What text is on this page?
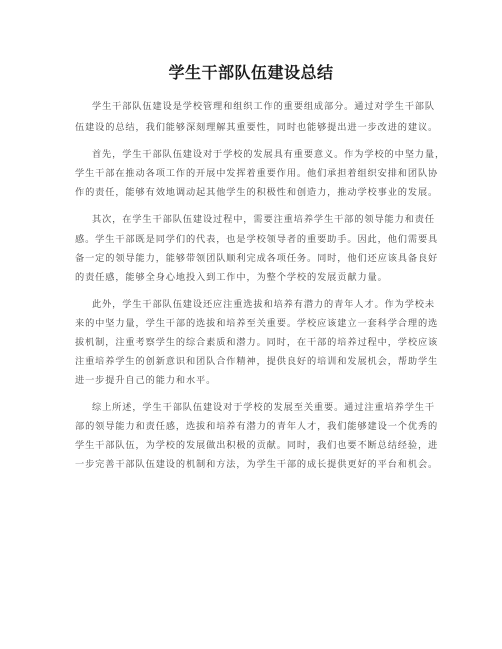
学生干部队伍建设总结
学生干部队伍建设是学校管理和组织工作的重要组成部分。通过对学生干部队
伍建设的总结，我们能够深刻理解其重要性，同时也能够提出进一步改进的建议。
首先，学生干部队伍建设对于学校的发展具有重要意义。作为学校的中坚力量，
学生干部在推动各项工作的开展中发挥着重要作用。他们承担着组织安排和团队协
作的责任，能够有效地调动起其他学生的积极性和创造力，推动学校事业的发展。
其次，在学生干部队伍建设过程中，需要注重培养学生干部的领导能力和责任
感。学生干部既是同学们的代表，也是学校领导者的重要助手。因此，他们需要具
备一定的领导能力，能够带领团队顺利完成各项任务。同时，他们还应该具备良好
的责任感，能够全身心地投入到工作中，为整个学校的发展贡献力量。
此外，学生干部队伍建设还应注重选拔和培养有潜力的青年人才。作为学校未
来的中坚力量，学生干部的选拔和培养至关重要。学校应该建立一套科学合理的选
拔机制，注重考察学生的综合素质和潜力。同时，在干部的培养过程中，学校应该
注重培养学生的创新意识和团队合作精神，提供良好的培训和发展机会，帮助学生
进一步提升自己的能力和水平。
综上所述，学生干部队伍建设对于学校的发展至关重要。通过注重培养学生干
部的领导能力和责任感，选拔和培养有潜力的青年人才，我们能够建设一个优秀的
学生干部队伍，为学校的发展做出积极的贡献。同时，我们也要不断总结经验，进
一步完善干部队伍建设的机制和方法，为学生干部的成长提供更好的平台和机会。
